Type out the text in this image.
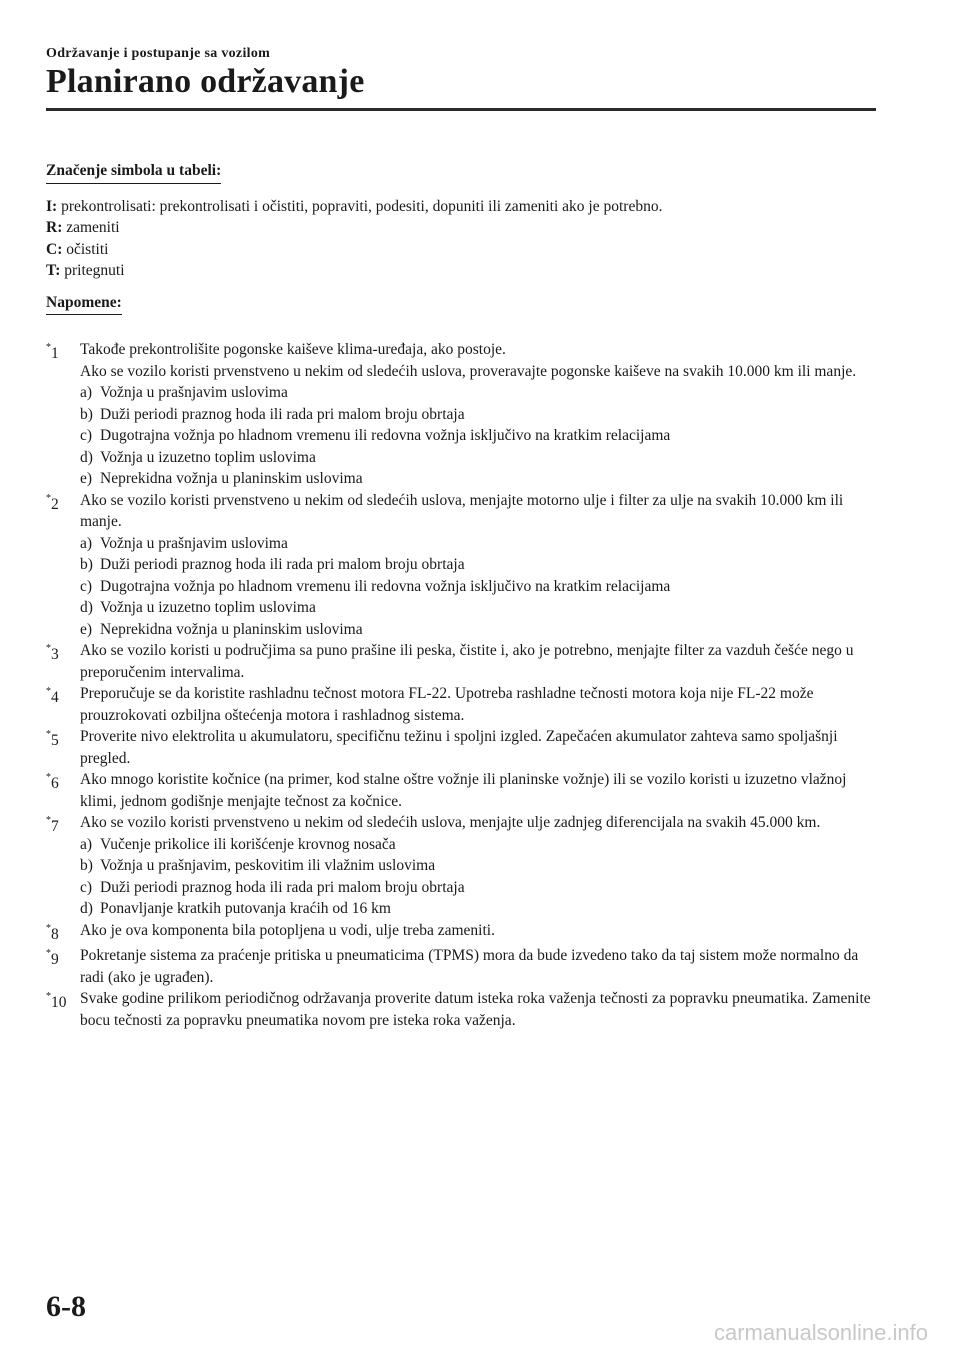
Održavanje i postupanje sa vozilom
Planirano održavanje
Značenje simbola u tabeli:

I: prekontrolisati: prekontrolisati i očistiti, popraviti, podesiti, dopuniti ili zameniti ako je potrebno.

R: zameniti

C: očistiti

T: pritegnuti

Napomene:
*1	Takođe prekontrolišite pogonske kaiševe klima-uređaja, ako postoje.

Ako se vozilo koristi prvenstveno u nekim od sledećih uslova, proveravajte pogonske kaiševe na svakih 10.000 km ili manje.

a) Vožnja u prašnjavim uslovima
b) Duži periodi praznog hoda ili rada pri malom broju obrtaja
c) Dugotrajna vožnja po hladnom vremenu ili redovna vožnja isključivo na kratkim relacijama
d) Vožnja u izuzetno toplim uslovima
e) Neprekidna vožnja u planinskim uslovima
*2	Ako se vozilo koristi prvenstveno u nekim od sledećih uslova, menjajte motorno ulje i filter za ulje na svakih 10.000 km ili manje.

a) Vožnja u prašnjavim uslovima
b) Duži periodi praznog hoda ili rada pri malom broju obrtaja
c) Dugotrajna vožnja po hladnom vremenu ili redovna vožnja isključivo na kratkim relacijama
d) Vožnja u izuzetno toplim uslovima
e) Neprekidna vožnja u planinskim uslovima
*3	Ako se vozilo koristi u područjima sa puno prašine ili peska, čistite i, ako je potrebno, menjajte filter za vazduh češće nego u preporučenim intervalima.

*4	Preporučuje se da koristite rashladnu tečnost motora FL-22. Upotreba rashladne tečnosti motora koja nije FL-22 može prouzrokovati ozbiljna oštećenja motora i rashladnog sistema.

*5	Proverite nivo elektrolita u akumulatoru, specifičnu težinu i spoljni izgled. Zapečaćen akumulator zahteva samo spoljašnji pregled.

*6	Ako mnogo koristite kočnice (na primer, kod stalne oštre vožnje ili planinske vožnje) ili se vozilo koristi u izuzetno vlažnoj klimi, jednom godišnje menjajte tečnost za kočnice.

*7	Ako se vozilo koristi prvenstveno u nekim od sledećih uslova, menjajte ulje zadnjeg diferencijala na svakih 45.000 km.

a) Vučenje prikolice ili korišćenje krovnog nosača
b) Vožnja u prašnjavim, peskovitim ili vlažnim uslovima
c) Duži periodi praznog hoda ili rada pri malom broju obrtaja
d) Ponavljanje kratkih putovanja kraćih od 16 km
*8	Ako je ova komponenta bila potopljena u vodi, ulje treba zameniti.

*9	Pokretanje sistema za praćenje pritiska u pneumaticima (TPMS) mora da bude izvedeno tako da taj sistem može normalno da radi (ako je ugrađen).

*10 Svake godine prilikom periodičnog održavanja proverite datum isteka roka važenja tečnosti za popravku pneumatika. Zamenite bocu tečnosti za popravku pneumatika novom pre isteka roka važenja.

6-8
carmanualsonline.info
